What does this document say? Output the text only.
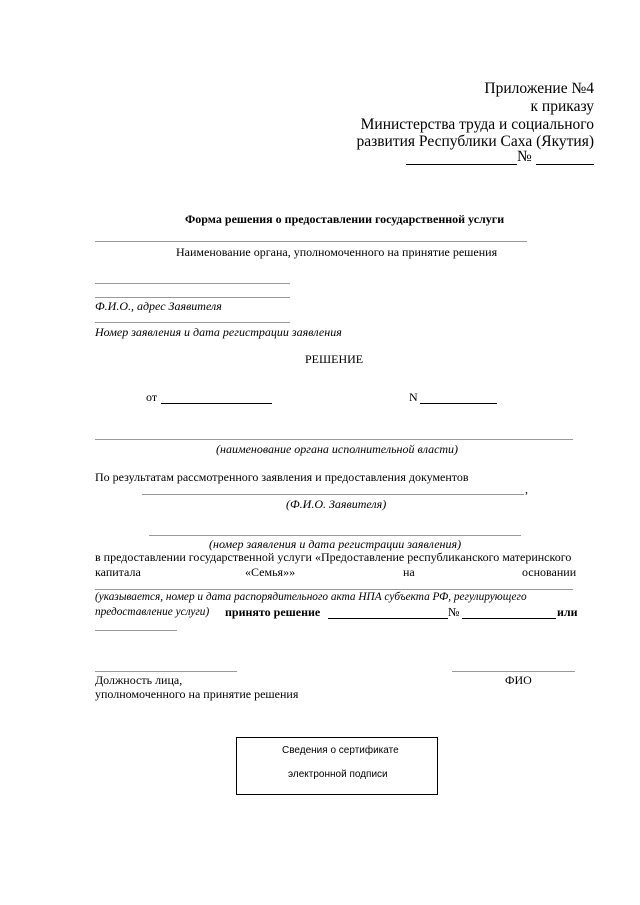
Приложение №4
к приказу
Министерства труда и социального
развития Республики Саха (Якутия)
№
Форма решения о предоставлении государственной услуги
Наименование органа, уполномоченного на принятие решения
Ф.И.О., адрес Заявителя
Номер заявления и дата регистрации заявления
РЕШЕНИЕ
от	N
(наименование органа исполнительной власти)
По результатам рассмотренного заявления и предоставления документов
,
(Ф.И.О. Заявителя)
(номер заявления и дата регистрации заявления)
в предоставлении государственной услуги «Предоставление республиканского материнского
капитала	«Семья»»	на	основании
(указывается, номер и дата распорядительного акта НПА субъекта РФ, регулирующего
предоставление услуги) принято решение	№	или
Должность лица,	ФИО
уполномоченного на принятие решения
Сведения о сертификате
электронной подписи
